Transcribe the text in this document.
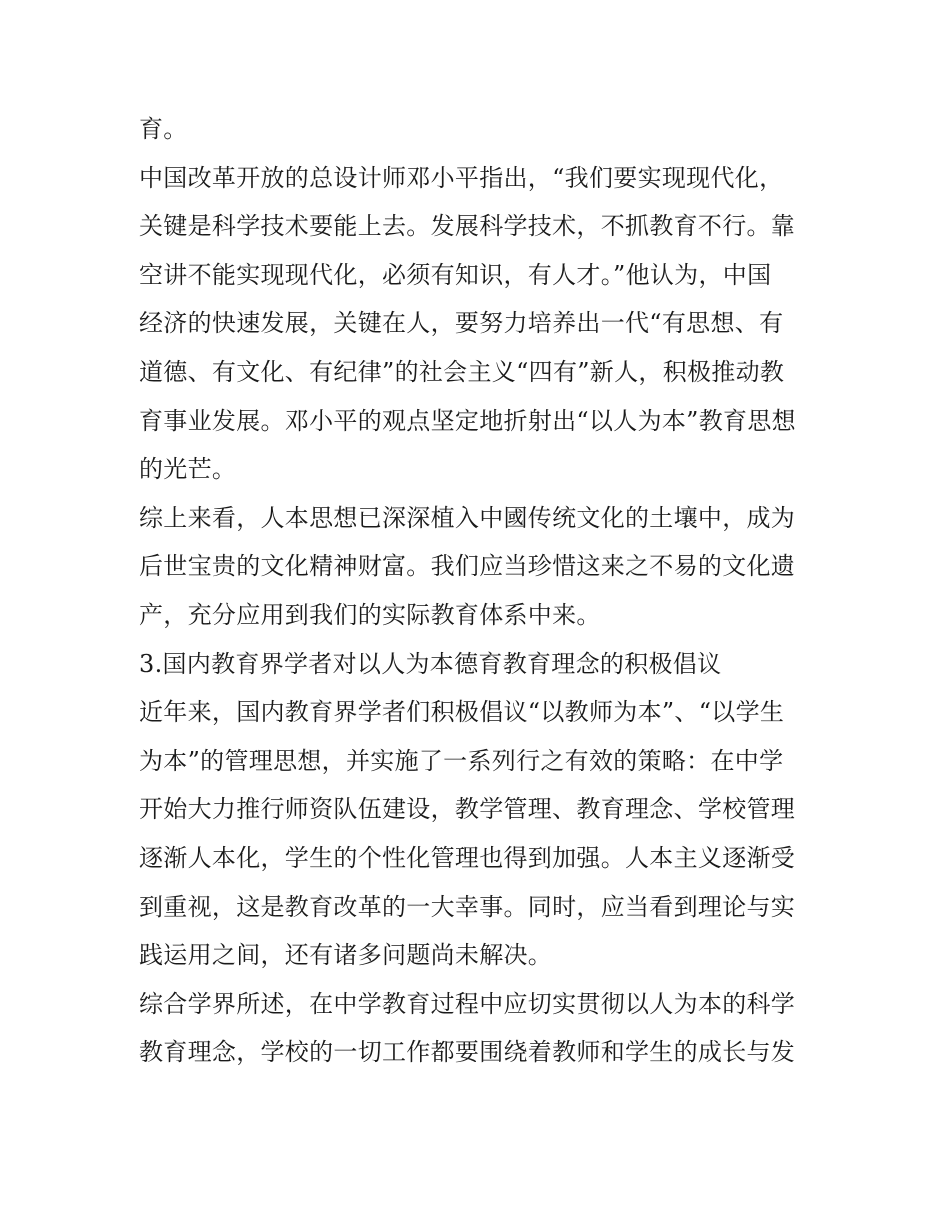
育。
中国改革开放的总设计师邓小平指出，“我们要实现现代化，
关键是科学技术要能上去。发展科学技术，不抓教育不行。靠
空讲不能实现现代化，必须有知识，有人才。”他认为，中国
经济的快速发展，关键在人，要努力培养出一代“有思想、有
道德、有文化、有纪律”的社会主义“四有”新人，积极推动教
育事业发展。邓小平的观点坚定地折射出“以人为本”教育思想
的光芒。
综上来看，人本思想已深深植入中國传统文化的土壤中，成为
后世宝贵的文化精神财富。我们应当珍惜这来之不易的文化遗
产，充分应用到我们的实际教育体系中来。
3.国内教育界学者对以人为本德育教育理念的积极倡议
近年来，国内教育界学者们积极倡议“以教师为本”、“以学生
为本”的管理思想，并实施了一系列行之有效的策略：在中学
开始大力推行师资队伍建设，教学管理、教育理念、学校管理
逐渐人本化，学生的个性化管理也得到加强。人本主义逐渐受
到重视，这是教育改革的一大幸事。同时，应当看到理论与实
践运用之间，还有诸多问题尚未解决。
综合学界所述，在中学教育过程中应切实贯彻以人为本的科学
教育理念，学校的一切工作都要围绕着教师和学生的成长与发
